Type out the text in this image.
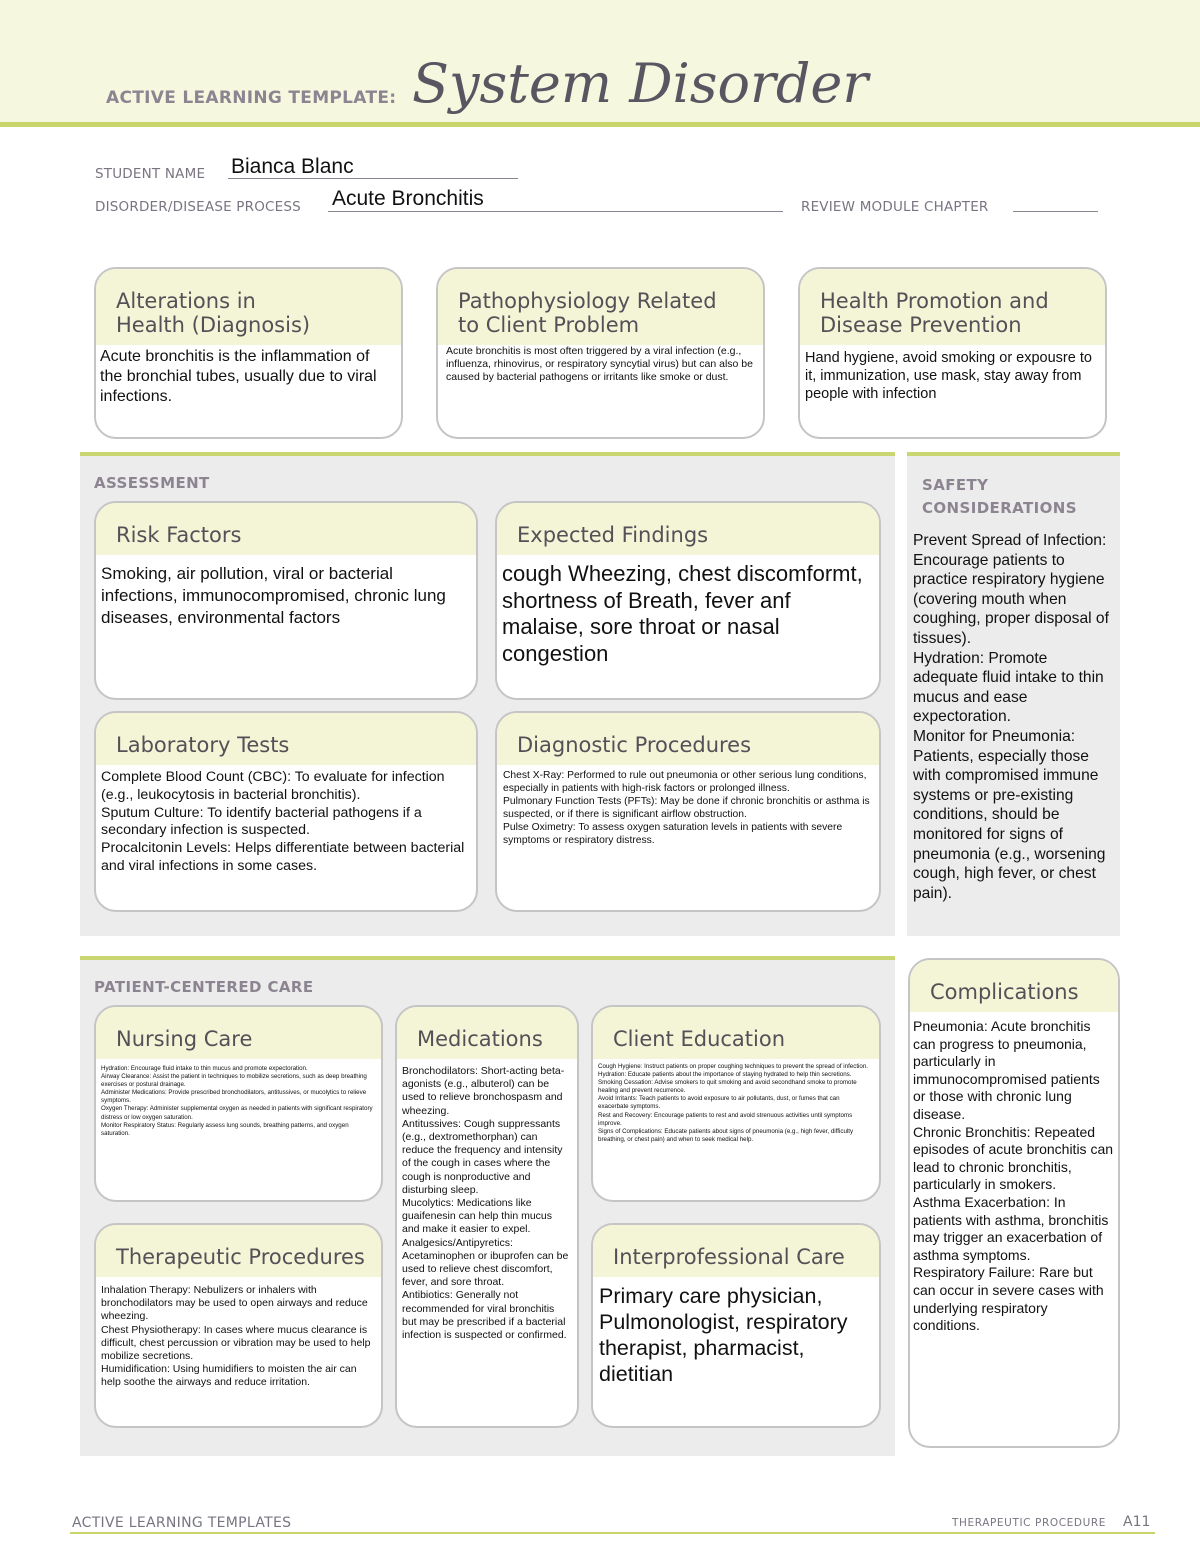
ACTIVE LEARNING TEMPLATE: System Disorder
STUDENT NAME Bianca Blanc
DISORDER/DISEASE PROCESS Acute Bronchitis	REVIEW MODULE CHAPTER
Alterations in
Health (Diagnosis)
Acute bronchitis is the inflammation of the bronchial tubes, usually due to viral infections.
Pathophysiology Related
to Client Problem
Acute bronchitis is most often triggered by a viral infection (e.g., influenza, rhinovirus, or respiratory syncytial virus) but can also be caused by bacterial pathogens or irritants like smoke or dust.
Health Promotion and
Disease Prevention
Hand hygiene, avoid smoking or expousre to it, immunization, use mask, stay away from people with infection
ASSESSMENT
Risk Factors
Smoking, air pollution, viral or bacterial infections, immunocompromised, chronic lung diseases, environmental factors
Expected Findings
cough Wheezing, chest discomformt, shortness of Breath, fever anf malaise, sore throat or nasal congestion
Laboratory Tests
Complete Blood Count (CBC): To evaluate for infection (e.g., leukocytosis in bacterial bronchitis).
Sputum Culture: To identify bacterial pathogens if a secondary infection is suspected.
Procalcitonin Levels: Helps differentiate between bacterial and viral infections in some cases.
Diagnostic Procedures
Chest X-Ray: Performed to rule out pneumonia or other serious lung conditions, especially in patients with high-risk factors or prolonged illness.
Pulmonary Function Tests (PFTs): May be done if chronic bronchitis or asthma is suspected, or if there is significant airflow obstruction.
Pulse Oximetry: To assess oxygen saturation levels in patients with severe symptoms or respiratory distress.
SAFETY
CONSIDERATIONS
Prevent Spread of Infection: Encourage patients to practice respiratory hygiene (covering mouth when coughing, proper disposal of tissues).
Hydration: Promote adequate fluid intake to thin mucus and ease expectoration.
Monitor for Pneumonia: Patients, especially those with compromised immune systems or pre-existing conditions, should be monitored for signs of pneumonia (e.g., worsening cough, high fever, or chest pain).
PATIENT-CENTERED CARE
Nursing Care
Hydration: Encourage fluid intake to thin mucus and promote expectoration.
Airway Clearance: Assist the patient in techniques to mobilize secretions, such as deep breathing exercises or postural drainage.
Administer Medications: Provide prescribed bronchodilators, antitussives, or mucolytics to relieve symptoms.
Oxygen Therapy: Administer supplemental oxygen as needed in patients with significant respiratory distress or low oxygen saturation.
Monitor Respiratory Status: Regularly assess lung sounds, breathing patterns, and oxygen saturation.
Medications
Bronchodilators: Short-acting beta-agonists (e.g., albuterol) can be used to relieve bronchospasm and wheezing.
Antitussives: Cough suppressants (e.g., dextromethorphan) can reduce the frequency and intensity of the cough in cases where the cough is nonproductive and disturbing sleep.
Mucolytics: Medications like guaifenesin can help thin mucus and make it easier to expel.
Analgesics/Antipyretics: Acetaminophen or ibuprofen can be used to relieve chest discomfort, fever, and sore throat.
Antibiotics: Generally not recommended for viral bronchitis but may be prescribed if a bacterial infection is suspected or confirmed.
Client Education
Cough Hygiene: Instruct patients on proper coughing techniques to prevent the spread of infection.
Hydration: Educate patients about the importance of staying hydrated to help thin secretions.
Smoking Cessation: Advise smokers to quit smoking and avoid secondhand smoke to promote healing and prevent recurrence.
Avoid Irritants: Teach patients to avoid exposure to air pollutants, dust, or fumes that can exacerbate symptoms.
Rest and Recovery: Encourage patients to rest and avoid strenuous activities until symptoms improve.
Signs of Complications: Educate patients about signs of pneumonia (e.g., high fever, difficulty breathing, or chest pain) and when to seek medical help.
Therapeutic Procedures
Inhalation Therapy: Nebulizers or inhalers with bronchodilators may be used to open airways and reduce wheezing.
Chest Physiotherapy: In cases where mucus clearance is difficult, chest percussion or vibration may be used to help mobilize secretions.
Humidification: Using humidifiers to moisten the air can help soothe the airways and reduce irritation.
Interprofessional Care
Primary care physician, Pulmonologist, respiratory therapist, pharmacist, dietitian
Complications
Pneumonia: Acute bronchitis can progress to pneumonia, particularly in immunocompromised patients or those with chronic lung disease.
Chronic Bronchitis: Repeated episodes of acute bronchitis can lead to chronic bronchitis, particularly in smokers.
Asthma Exacerbation: In patients with asthma, bronchitis may trigger an exacerbation of asthma symptoms.
Respiratory Failure: Rare but can occur in severe cases with underlying respiratory conditions.
ACTIVE LEARNING TEMPLATES	THERAPEUTIC PROCEDURE A11
